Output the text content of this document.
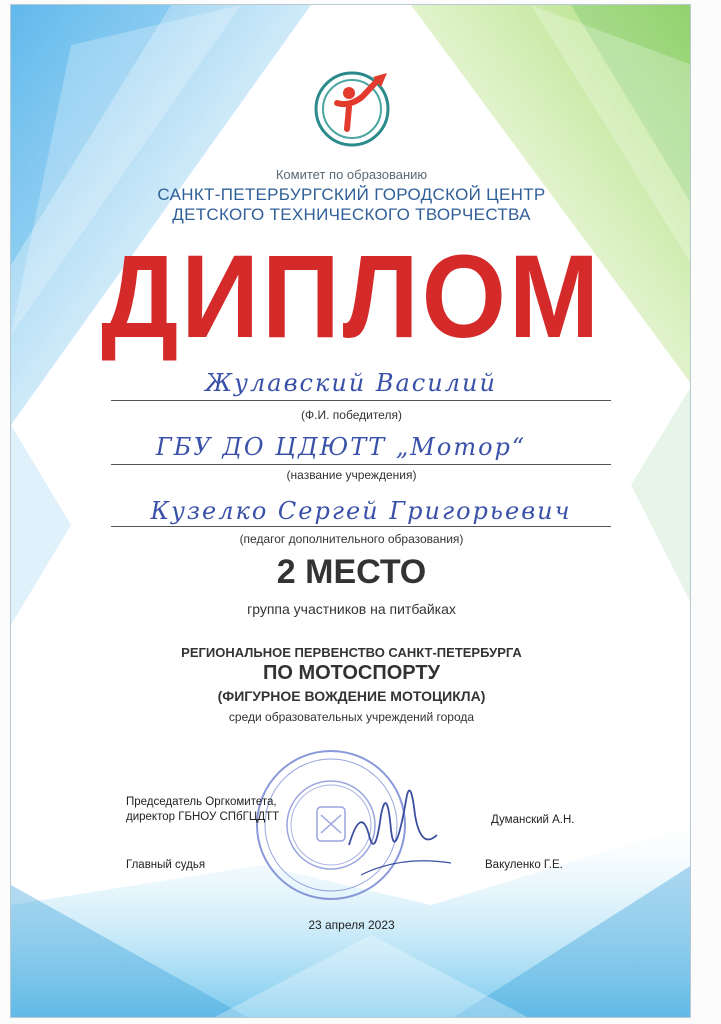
Комитет по образованию
САНКТ-ПЕТЕРБУРГСКИЙ ГОРОДСКОЙ ЦЕНТР
ДЕТСКОГО ТЕХНИЧЕСКОГО ТВОРЧЕСТВА
ДИПЛОМ
Жулавский Василий
(Ф.И. победителя)
ГБУ ДО ЦДЮТТ „Мотор“
(название учреждения)
Кузелко Сергей Григорьевич
(педагог дополнительного образования)
2 МЕСТО
группа участников на питбайках
РЕГИОНАЛЬНОЕ ПЕРВЕНСТВО САНКТ-ПЕТЕРБУРГА
ПО МОТОСПОРТУ
(ФИГУРНОЕ ВОЖДЕНИЕ МОТОЦИКЛА)
среди образовательных учреждений города
Председатель Оргкомитета,
директор ГБНОУ СПбГЦДТТ	Думанский А.Н.
Главный судья	Вакуленко Г.Е.
23 апреля 2023
